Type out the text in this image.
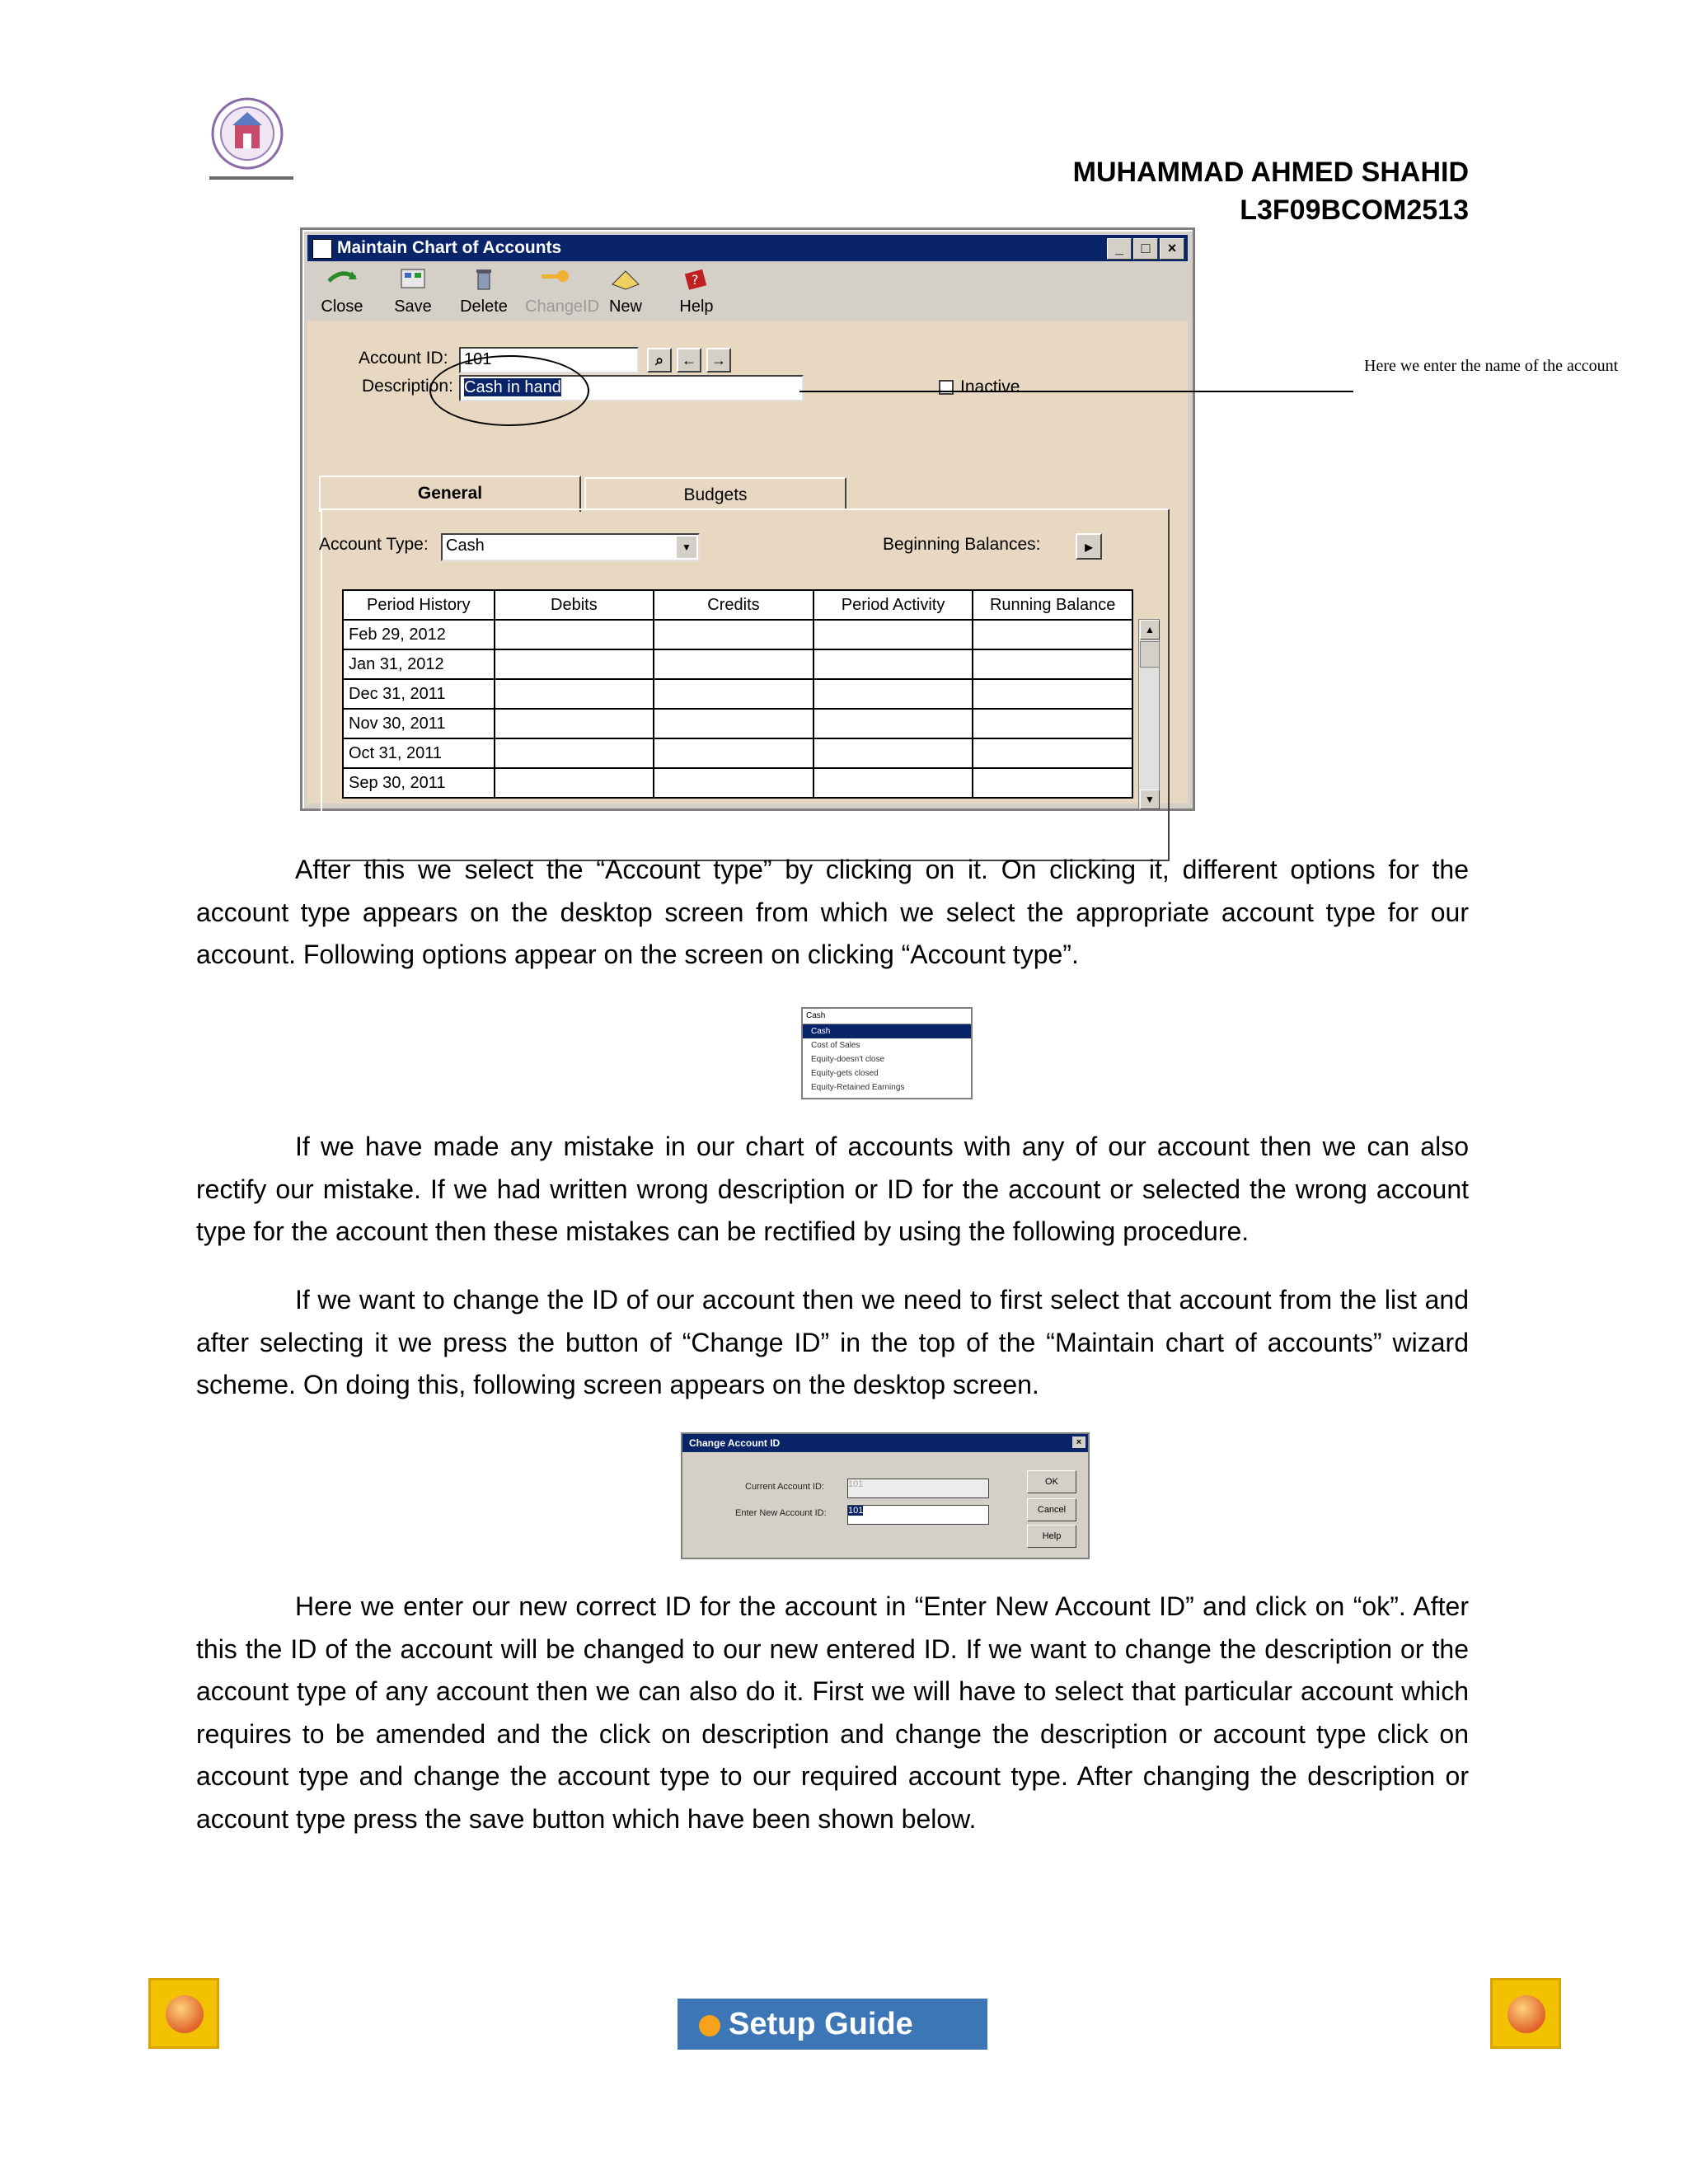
MUHAMMAD AHMED SHAHID
L3F09BCOM2513
Maintain Chart of Accounts	_	□	×
Close	Save	Delete	ChangeID New
?
Help
Account ID: 101	⌕	←	→
Description: Cash in hand	Inactive
General	Budgets
Account Type:	Cash	▼	Beginning Balances:	▶
Period History	Debits	Credits	Period Activity	Running Balance
Feb 29, 2012				
Jan 31, 2012				
Dec 31, 2011				
Nov 30, 2011				
Oct 31, 2011				
Sep 30, 2011				
▲
▼
Here we enter the name of the account
After this we select the “Account type” by clicking on it. On clicking it, different options for the account type appears on the desktop screen from which we select the appropriate account type for our account. Following options appear on the screen on clicking “Account type”.
Cash
Cash
Cost of Sales
Equity-doesn't close
Equity-gets closed
Equity-Retained Earnings
If we have made any mistake in our chart of accounts with any of our account then we can also rectify our mistake. If we had written wrong description or ID for the account or selected the wrong account type for the account then these mistakes can be rectified by using the following procedure.
If we want to change the ID of our account then we need to first select that account from the list and after selecting it we press the button of “Change ID” in the top of the “Maintain chart of accounts” wizard scheme. On doing this, following screen appears on the desktop screen.
Change Account ID	×
Current Account ID:	101
Enter New Account ID: 101
OK
Cancel
Help
Here we enter our new correct ID for the account in “Enter New Account ID” and click on “ok”. After this the ID of the account will be changed to our new entered ID. If we want to change the description or the account type of any account then we can also do it. First we will have to select that particular account which requires to be amended and the click on description and change the description or account type click on account type and change the account type to our required account type. After changing the description or account type press the save button which have been shown below.
Setup Guide
